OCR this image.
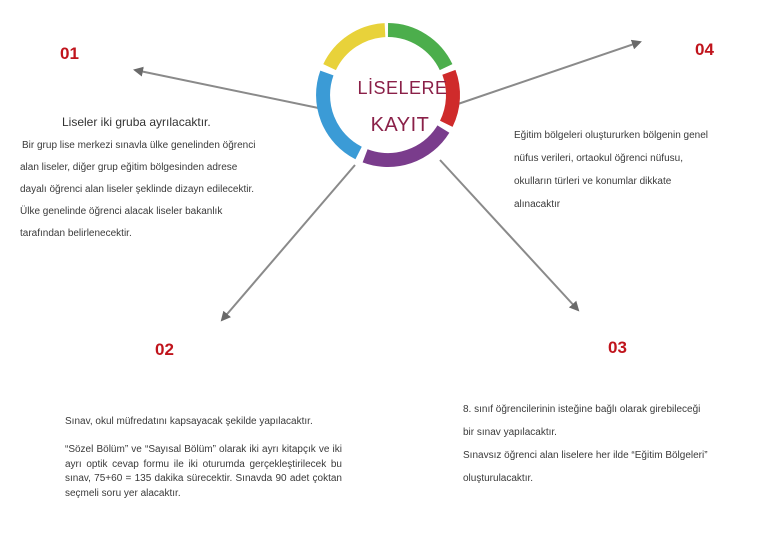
LİSELERE
KAYIT
01
Liseler iki gruba ayrılacaktır.
Bir grup lise merkezi sınavla ülke genelinden öğrenci
alan liseler, diğer grup eğitim bölgesinden adrese
dayalı öğrenci alan liseler şeklinde dizayn edilecektir.
Ülke genelinde öğrenci alacak liseler bakanlık
tarafından belirlenecektir.
04
Eğitim bölgeleri oluştururken bölgenin genel
nüfus verileri, ortaokul öğrenci nüfusu,
okulların türleri ve konumlar dikkate
alınacaktır
02
Sınav, okul müfredatını kapsayacak şekilde yapılacaktır.
“Sözel Bölüm” ve “Sayısal Bölüm” olarak iki ayrı kitapçık ve iki ayrı optik cevap formu ile iki oturumda gerçekleştirilecek bu sınav, 75+60 = 135 dakika sürecektir. Sınavda 90 adet çoktan seçmeli soru yer alacaktır.
03
8. sınıf öğrencilerinin isteğine bağlı olarak girebileceği
bir sınav yapılacaktır.
Sınavsız öğrenci alan liselere her ilde “Eğitim Bölgeleri”
oluşturulacaktır.
